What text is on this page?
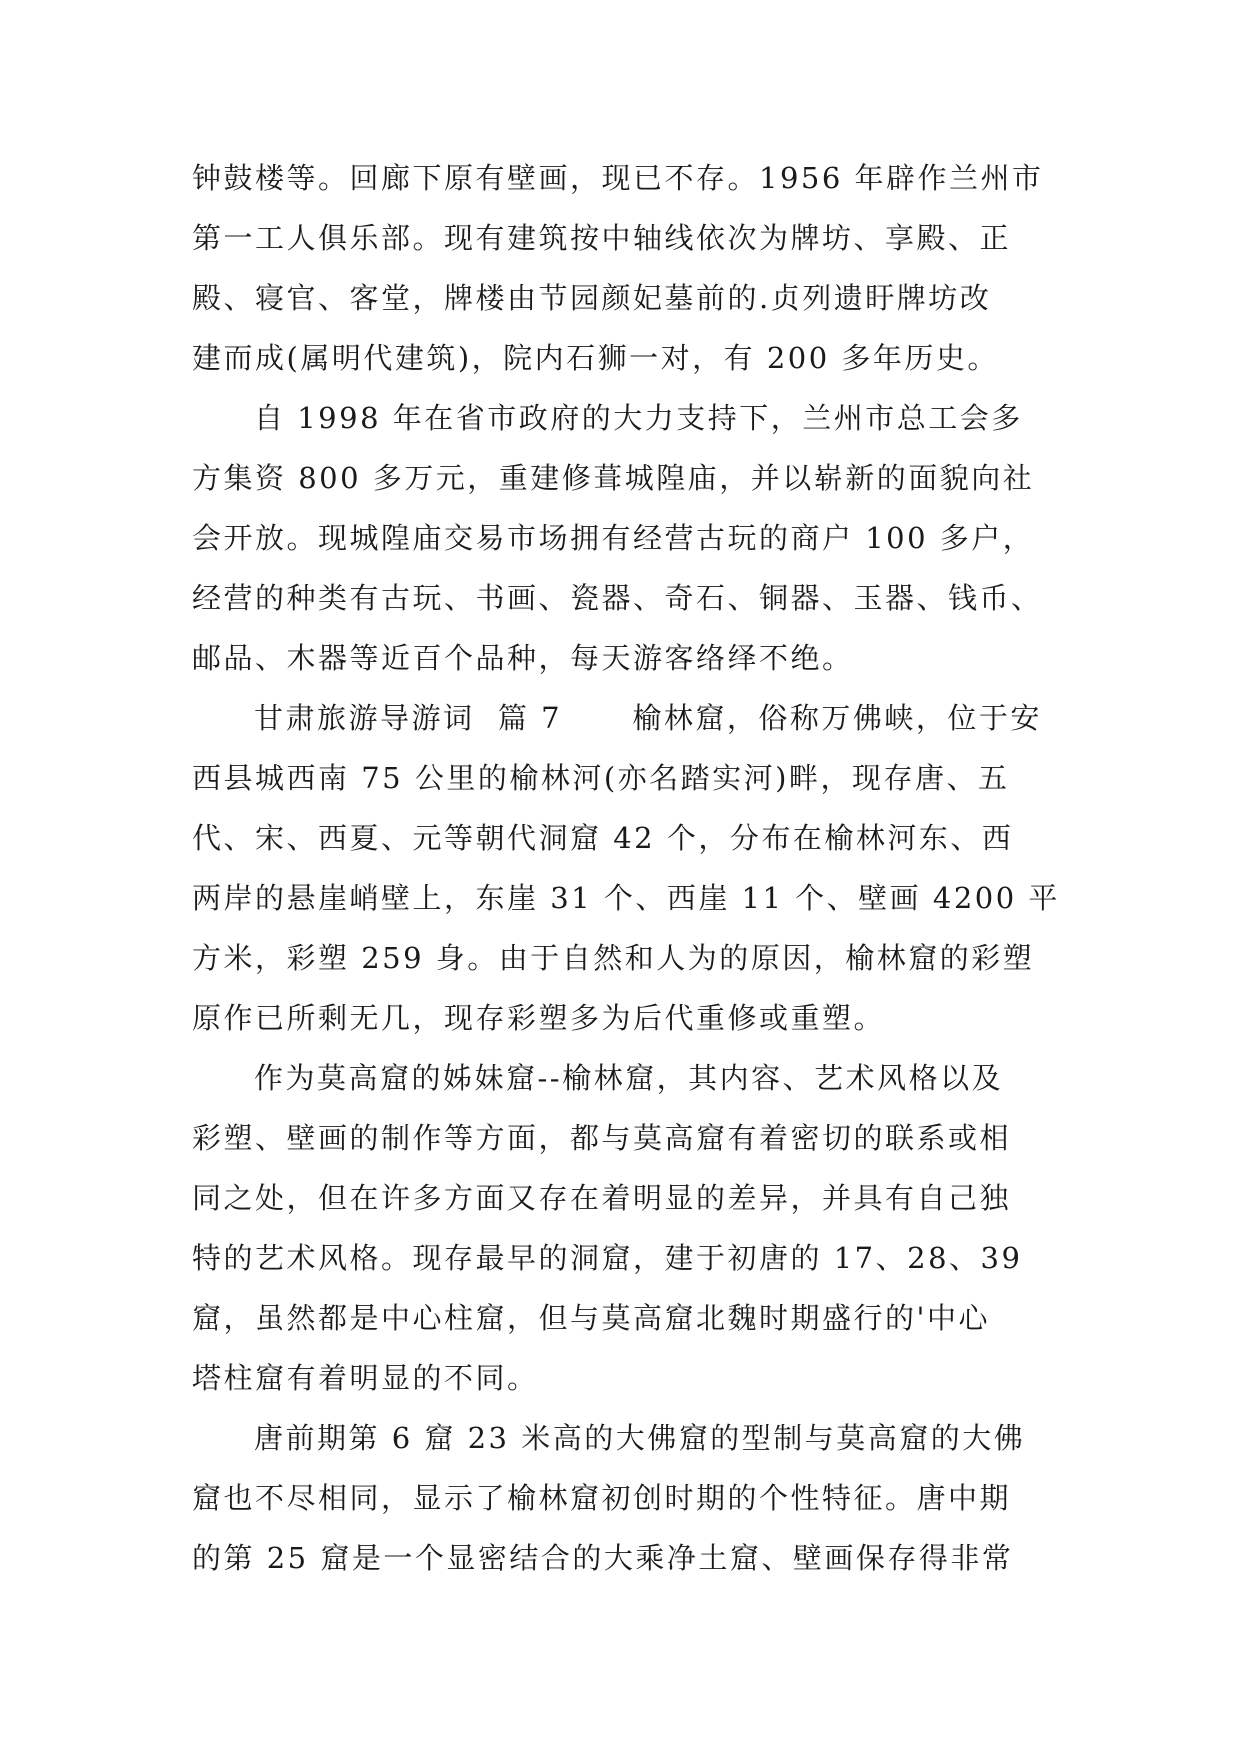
钟鼓楼等。回廊下原有壁画，现已不存。1956 年辟作兰州市
第一工人俱乐部。现有建筑按中轴线依次为牌坊、享殿、正
殿、寝官、客堂，牌楼由节园颜妃墓前的.贞列遗盱牌坊改
建而成(属明代建筑)，院内石狮一对，有 200 多年历史。
自 1998 年在省市政府的大力支持下，兰州市总工会多
方集资 800 多万元，重建修葺城隍庙，并以崭新的面貌向社
会开放。现城隍庙交易市场拥有经营古玩的商户 100 多户，
经营的种类有古玩、书画、瓷器、奇石、铜器、玉器、钱币、
邮品、木器等近百个品种，每天游客络绎不绝。
甘肃旅游导游词  篇 7      榆林窟，俗称万佛峡，位于安
西县城西南 75 公里的榆林河(亦名踏实河)畔，现存唐、五
代、宋、西夏、元等朝代洞窟 42 个，分布在榆林河东、西
两岸的悬崖峭壁上，东崖 31 个、西崖 11 个、壁画 4200 平
方米，彩塑 259 身。由于自然和人为的原因，榆林窟的彩塑
原作已所剩无几，现存彩塑多为后代重修或重塑。
作为莫高窟的姊妹窟--榆林窟，其内容、艺术风格以及
彩塑、壁画的制作等方面，都与莫高窟有着密切的联系或相
同之处，但在许多方面又存在着明显的差异，并具有自己独
特的艺术风格。现存最早的洞窟，建于初唐的 17、28、39
窟，虽然都是中心柱窟，但与莫高窟北魏时期盛行的'中心
塔柱窟有着明显的不同。
唐前期第 6 窟 23 米高的大佛窟的型制与莫高窟的大佛
窟也不尽相同，显示了榆林窟初创时期的个性特征。唐中期
的第 25 窟是一个显密结合的大乘净土窟、壁画保存得非常
